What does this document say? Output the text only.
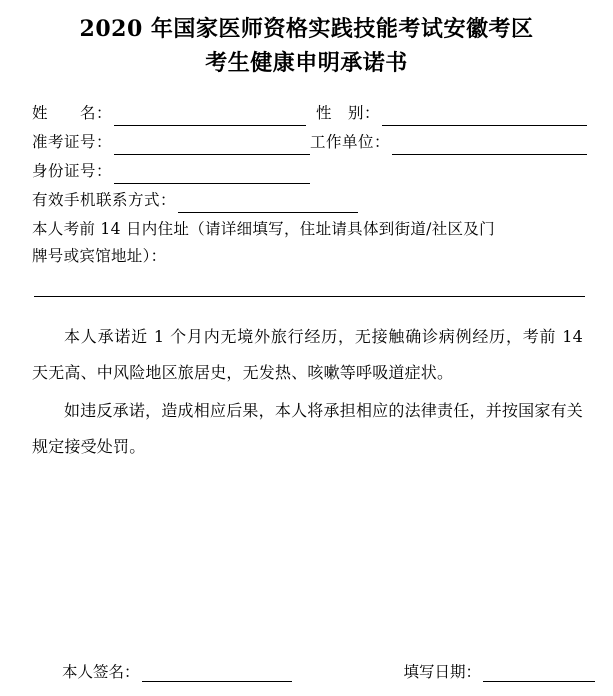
2020 年国家医师资格实践技能考试安徽考区
考生健康申明承诺书
姓　　名：	性　别：
准考证号：	工作单位：
身份证号：
有效手机联系方式：
本人考前 14 日内住址（请详细填写，住址请具体到街道/社区及门
牌号或宾馆地址）：

本人承诺近 1 个月内无境外旅行经历，无接触确诊病例经历，考前 14 天无高、中风险地区旅居史，无发热、咳嗽等呼吸道症状。

如违反承诺，造成相应后果，本人将承担相应的法律责任，并按国家有关规定接受处罚。

本人签名：	填写日期：
